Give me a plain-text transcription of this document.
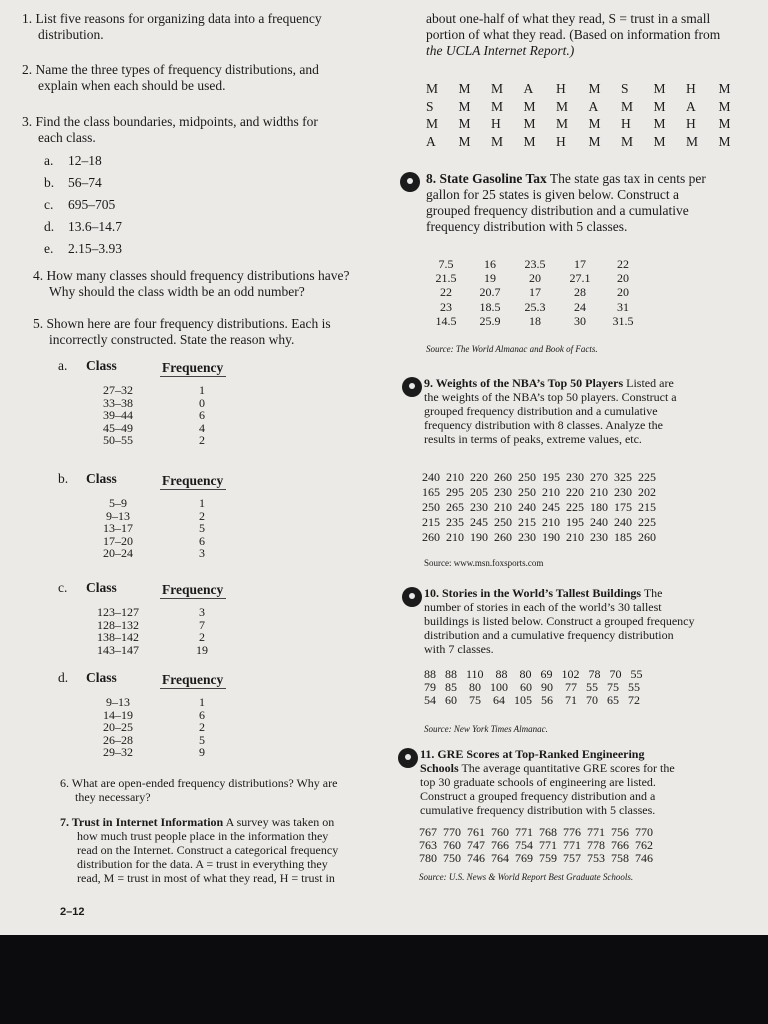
1. List five reasons for organizing data into a frequency
distribution.
2. Name the three types of frequency distributions, and
explain when each should be used.
3. Find the class boundaries, midpoints, and widths for
each class.
a. 12–18
b. 56–74
c. 695–705
d. 13.6–14.7
e. 2.15–3.93
4. How many classes should frequency distributions have?
Why should the class width be an odd number?
5. Shown here are four frequency distributions. Each is
incorrectly constructed. State the reason why.
a. Class	Frequency
27–32	1
33–38	0
39–44	6
45–49	4
50–55	2
b. Class	Frequency
5–9	1
9–13	2
13–17	5
17–20	6
20–24	3
c. Class	Frequency
123–127	3
128–132	7
138–142	2
143–147	19
d. Class	Frequency
9–13	1
14–19	6
20–25	2
26–28	5
29–32	9
6. What are open-ended frequency distributions? Why are
they necessary?
7. Trust in Internet Information A survey was taken on
how much trust people place in the information they
read on the Internet. Construct a categorical frequency
distribution for the data. A = trust in everything they
read, M = trust in most of what they read, H = trust in
2–12
about one-half of what they read, S = trust in a small
portion of what they read. (Based on information from
the UCLA Internet Report.)
M M M A H M S M H M
S M M M M A M M A M
M M H M M M H M H M
A M M M H M M M M M
8. State Gasoline Tax The state gas tax in cents per
gallon for 25 states is given below. Construct a
grouped frequency distribution and a cumulative
frequency distribution with 5 classes.
7.5	16	23.5	17	22
21.5	19	20	27.1	20
22	20.7	17	28	20
23	18.5	25.3	24	31
14.5	25.9	18	30	31.5
Source: The World Almanac and Book of Facts.
9. Weights of the NBA’s Top 50 Players Listed are
the weights of the NBA’s top 50 players. Construct a
grouped frequency distribution and a cumulative
frequency distribution with 8 classes. Analyze the
results in terms of peaks, extreme values, etc.
240  210  220  260  250  195  230  270  325  225
165  295  205  230  250  210  220  210  230  202
250  265  230  210  240  245  225  180  175  215
215  235  245  250  215  210  195  240  240  225
260  210  190  260  230  190  210  230  185  260
Source: www.msn.foxsports.com
10. Stories in the World’s Tallest Buildings The
number of stories in each of the world’s 30 tallest
buildings is listed below. Construct a grouped frequency
distribution and a cumulative frequency distribution
with 7 classes.
88   88   110    88    80   69   102   78   70   55
79   85    80   100    60   90    77   55   75   55
54   60    75    64   105   56    71   70   65   72
Source: New York Times Almanac.
11. GRE Scores at Top-Ranked Engineering
Schools The average quantitative GRE scores for the
top 30 graduate schools of engineering are listed.
Construct a grouped frequency distribution and a
cumulative frequency distribution with 5 classes.
767  770  761  760  771  768  776  771  756  770
763  760  747  766  754  771  771  778  766  762
780  750  746  764  769  759  757  753  758  746
Source: U.S. News & World Report Best Graduate Schools.
